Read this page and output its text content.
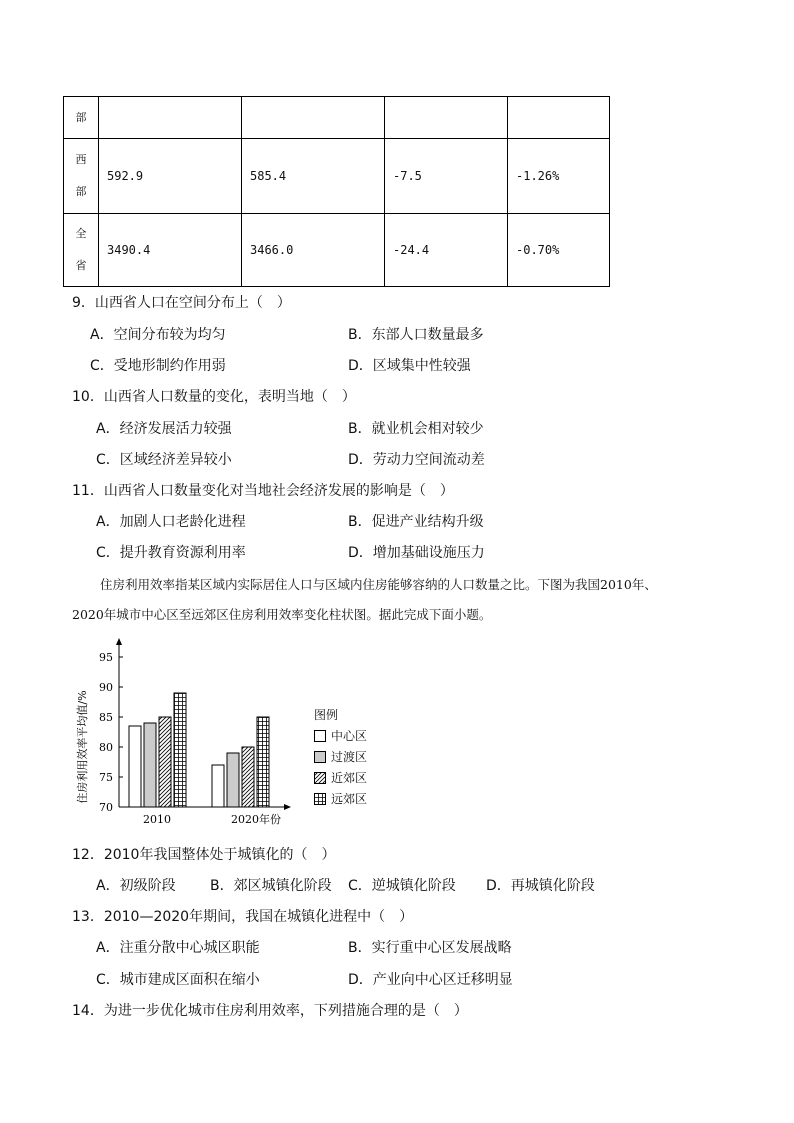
部				

西
部	592.9	585.4	-7.5	-1.26%

全
省	3490.4	3466.0	-24.4	-0.70%
9．山西省人口在空间分布上（　）
A．空间分布较为均匀	B．东部人口数量最多
C．受地形制约作用弱	D．区域集中性较强
10．山西省人口数量的变化，表明当地（　）
A．经济发展活力较强	B．就业机会相对较少
C．区域经济差异较小	D．劳动力空间流动差
11．山西省人口数量变化对当地社会经济发展的影响是（　）
A．加剧人口老龄化进程	B．促进产业结构升级
C．提升教育资源利用率	D．增加基础设施压力
住房利用效率指某区域内实际居住人口与区域内住房能够容纳的人口数量之比。下图为我国2010年、
2020年城市中心区至远郊区住房利用效率变化柱状图。据此完成下面小题。
70
75
80
85
90
95
2010
住房利用效率平均值/%
2020年份
图例
中心区
过渡区
近郊区
远郊区
12．2010年我国整体处于城镇化的（　）
A．初级阶段 B．郊区城镇化阶段 C．逆城镇化阶段 D．再城镇化阶段
13．2010—2020年期间，我国在城镇化进程中（　）
A．注重分散中心城区职能	B．实行重中心区发展战略
C．城市建成区面积在缩小	D．产业向中心区迁移明显
14．为进一步优化城市住房利用效率，下列措施合理的是（　）
